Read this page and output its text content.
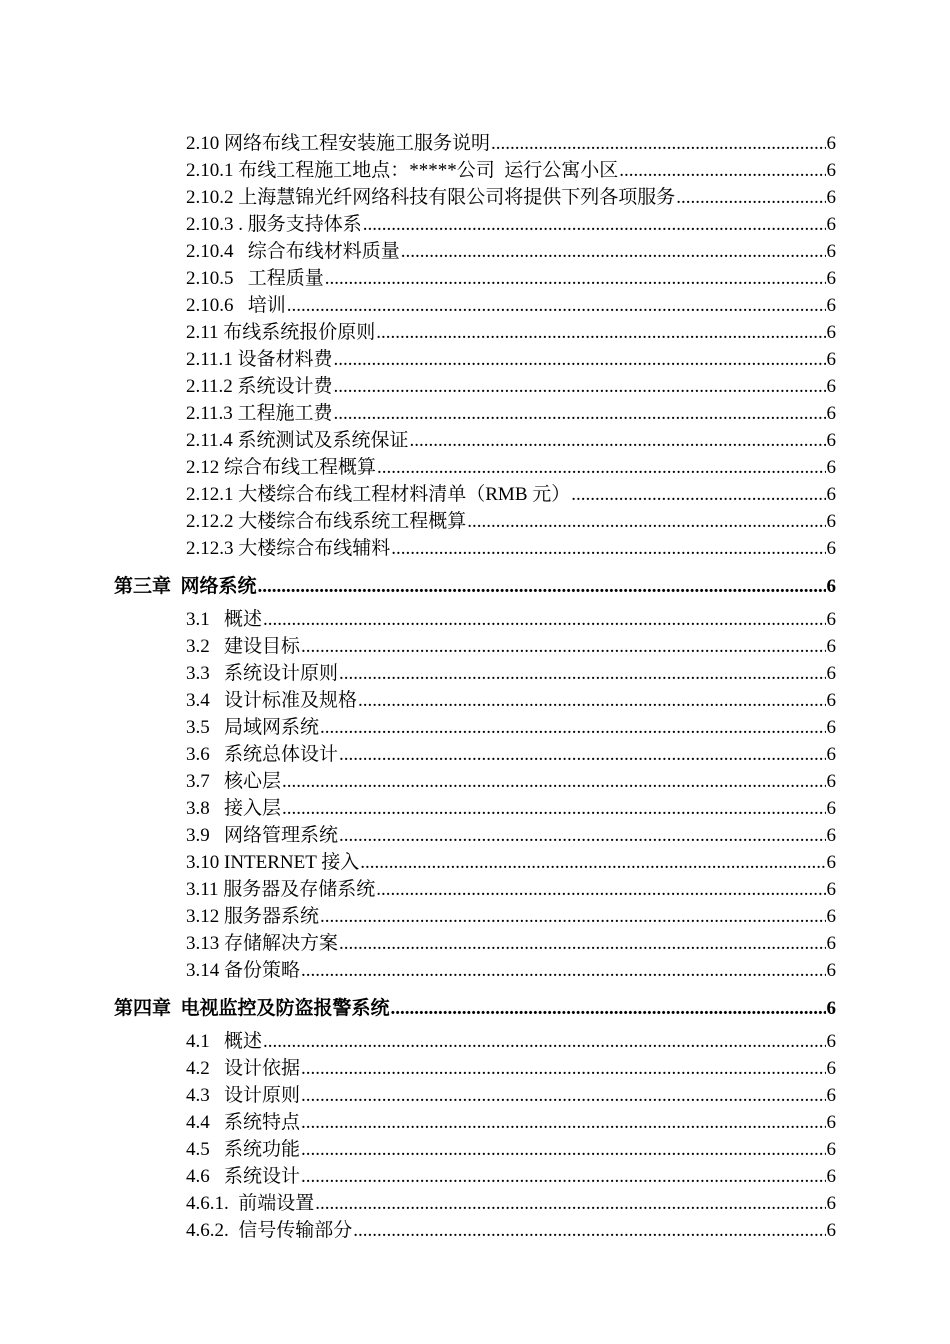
2.10 网络布线工程安装施工服务说明 .....	6
2.10.1 布线工程施工地点：*****公司  运行公寓小区 .....	6
2.10.2 上海慧锦光纤网络科技有限公司将提供下列各项服务 .....	6
2.10.3 . 服务支持体系 .....	6
2.10.4   综合布线材料质量 .....	6
2.10.5   工程质量 .....	6
2.10.6   培训 .....	6
2.11 布线系统报价原则 .....	6
2.11.1 设备材料费 .....	6
2.11.2 系统设计费 .....	6
2.11.3 工程施工费 .....	6
2.11.4 系统测试及系统保证 .....	6
2.12 综合布线工程概算 .....	6
2.12.1 大楼综合布线工程材料清单（RMB 元） .....	6
2.12.2 大楼综合布线系统工程概算 .....	6
2.12.3 大楼综合布线辅料 .....	6
第三章  网络系统 .....	6
3.1   概述 .....	6
3.2   建设目标 .....	6
3.3   系统设计原则 .....	6
3.4   设计标准及规格 .....	6
3.5   局域网系统 .....	6
3.6   系统总体设计 .....	6
3.7   核心层 .....	6
3.8   接入层 .....	6
3.9   网络管理系统 .....	6
3.10 INTERNET 接入 .....	6
3.11 服务器及存储系统 .....	6
3.12 服务器系统 .....	6
3.13 存储解决方案 .....	6
3.14 备份策略 .....	6
第四章  电视监控及防盗报警系统 .....	6
4.1   概述 .....	6
4.2   设计依据 .....	6
4.3   设计原则 .....	6
4.4   系统特点 .....	6
4.5   系统功能 .....	6
4.6   系统设计 .....	6
4.6.1.  前端设置 .....	6
4.6.2.  信号传输部分 .....	6
